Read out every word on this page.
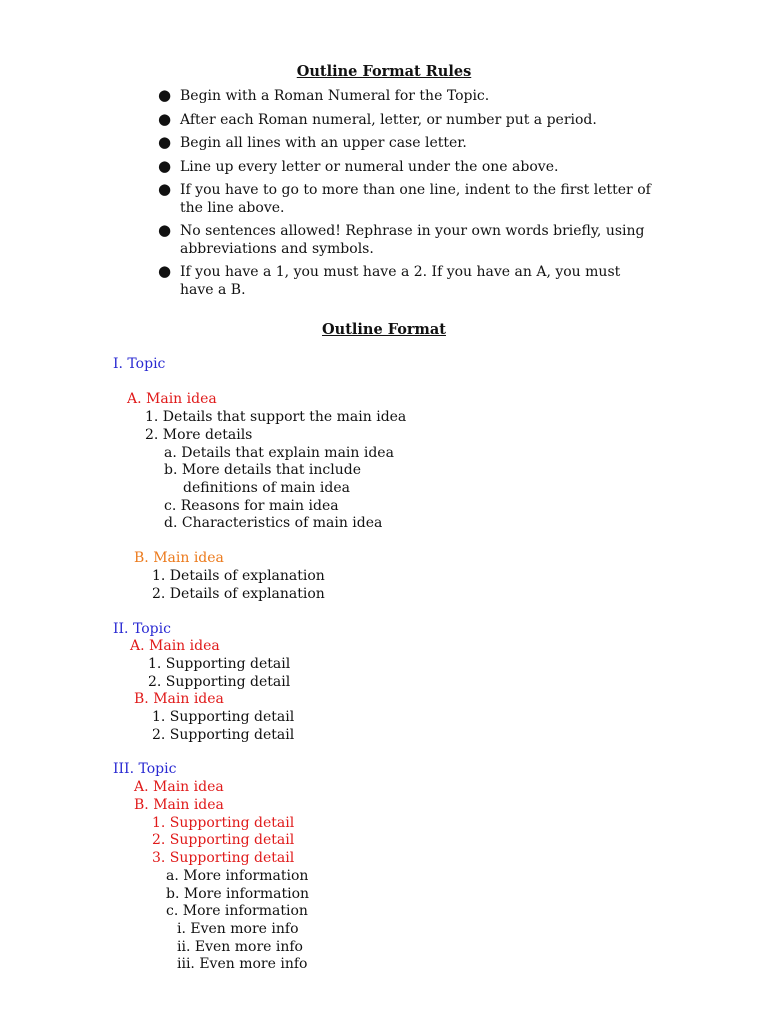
Outline Format Rules
● Begin with a Roman Numeral for the Topic.
● After each Roman numeral, letter, or number put a period.
● Begin all lines with an upper case letter.
● Line up every letter or numeral under the one above.
● If you have to go to more than one line, indent to the first letter of the line above.
● No sentences allowed! Rephrase in your own words briefly, using abbreviations and symbols.
● If you have a 1, you must have a 2. If you have an A, you must have a B.
Outline Format
I. Topic
A. Main idea
1. Details that support the main idea
2. More details
a. Details that explain main idea
b. More details that include
definitions of main idea
c. Reasons for main idea
d. Characteristics of main idea
B. Main idea
1. Details of explanation
2. Details of explanation
II. Topic
A. Main idea
1. Supporting detail
2. Supporting detail
B. Main idea
1. Supporting detail
2. Supporting detail
III. Topic
A. Main idea
B. Main idea
1. Supporting detail
2. Supporting detail
3. Supporting detail
a. More information
b. More information
c. More information
i. Even more info
ii. Even more info
iii. Even more info
